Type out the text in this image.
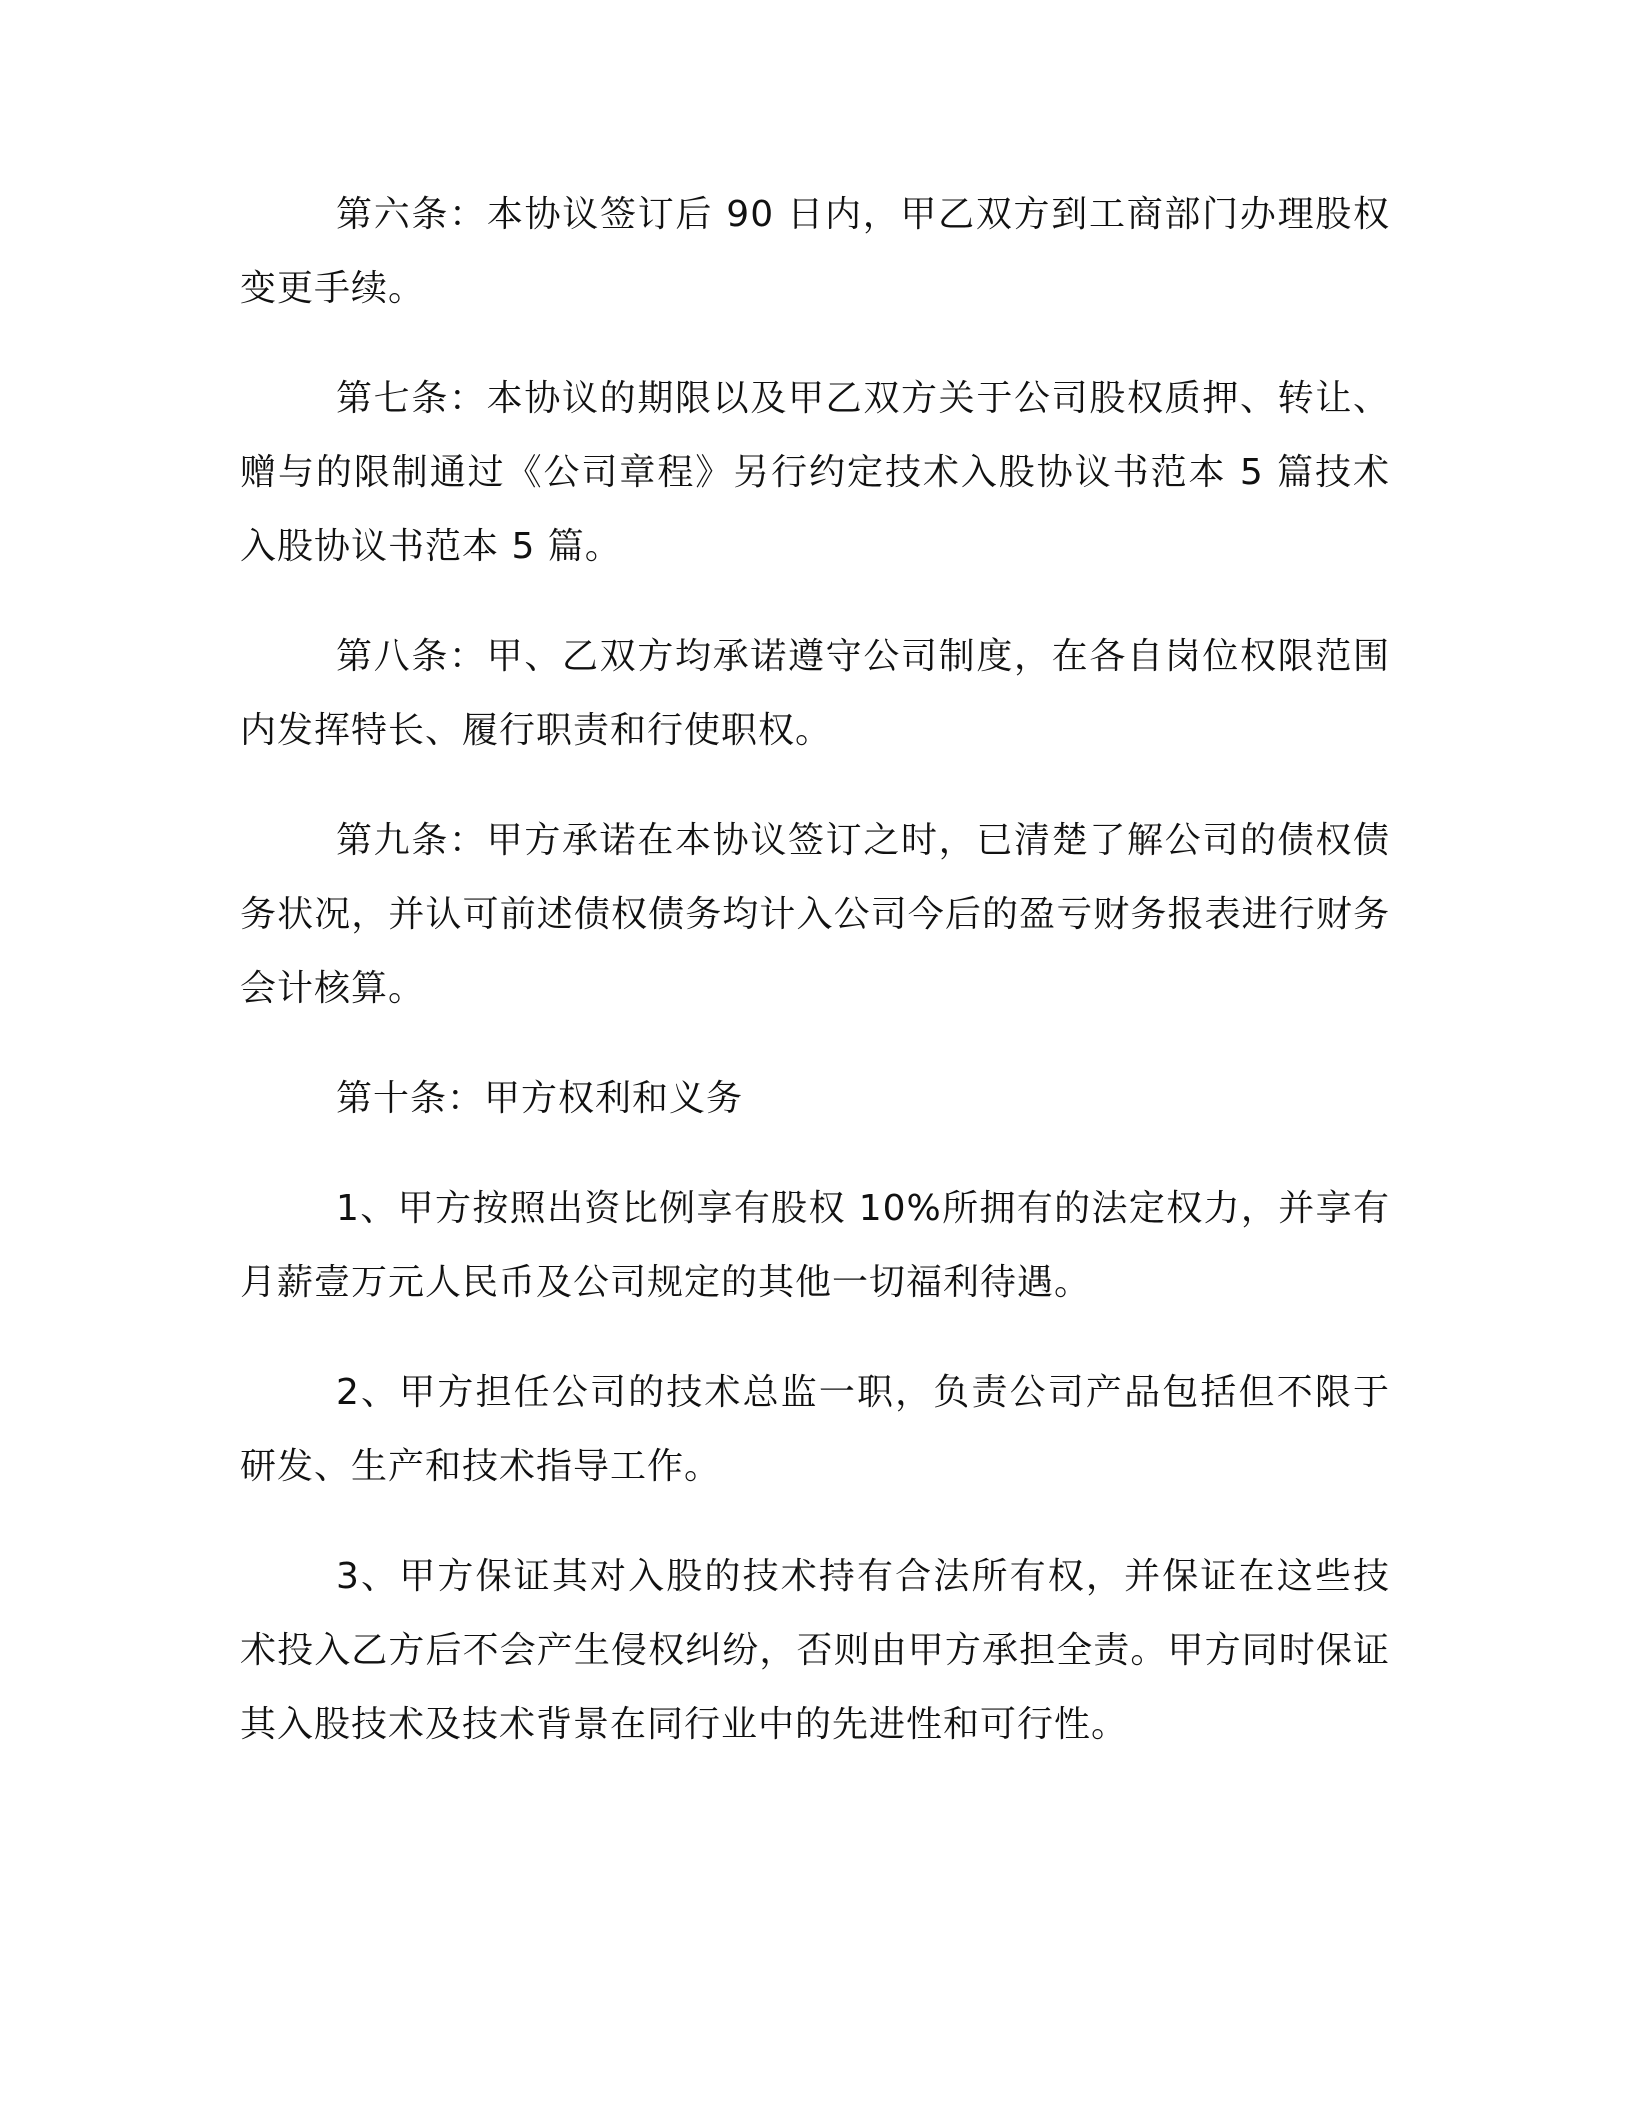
第六条：本协议签订后 90 日内，甲乙双方到工商部门办理股权变更手续。

第七条：本协议的期限以及甲乙双方关于公司股权质押、转让、赠与的限制通过《公司章程》另行约定技术入股协议书范本 5 篇技术入股协议书范本 5 篇。

第八条：甲、乙双方均承诺遵守公司制度，在各自岗位权限范围内发挥特长、履行职责和行使职权。

第九条：甲方承诺在本协议签订之时，已清楚了解公司的债权债务状况，并认可前述债权债务均计入公司今后的盈亏财务报表进行财务会计核算。

第十条：甲方权利和义务

1、甲方按照出资比例享有股权 10%所拥有的法定权力，并享有月薪壹万元人民币及公司规定的其他一切福利待遇。

2、甲方担任公司的技术总监一职，负责公司产品包括但不限于研发、生产和技术指导工作。

3、甲方保证其对入股的技术持有合法所有权，并保证在这些技术投入乙方后不会产生侵权纠纷，否则由甲方承担全责。甲方同时保证其入股技术及技术背景在同行业中的先进性和可行性。
